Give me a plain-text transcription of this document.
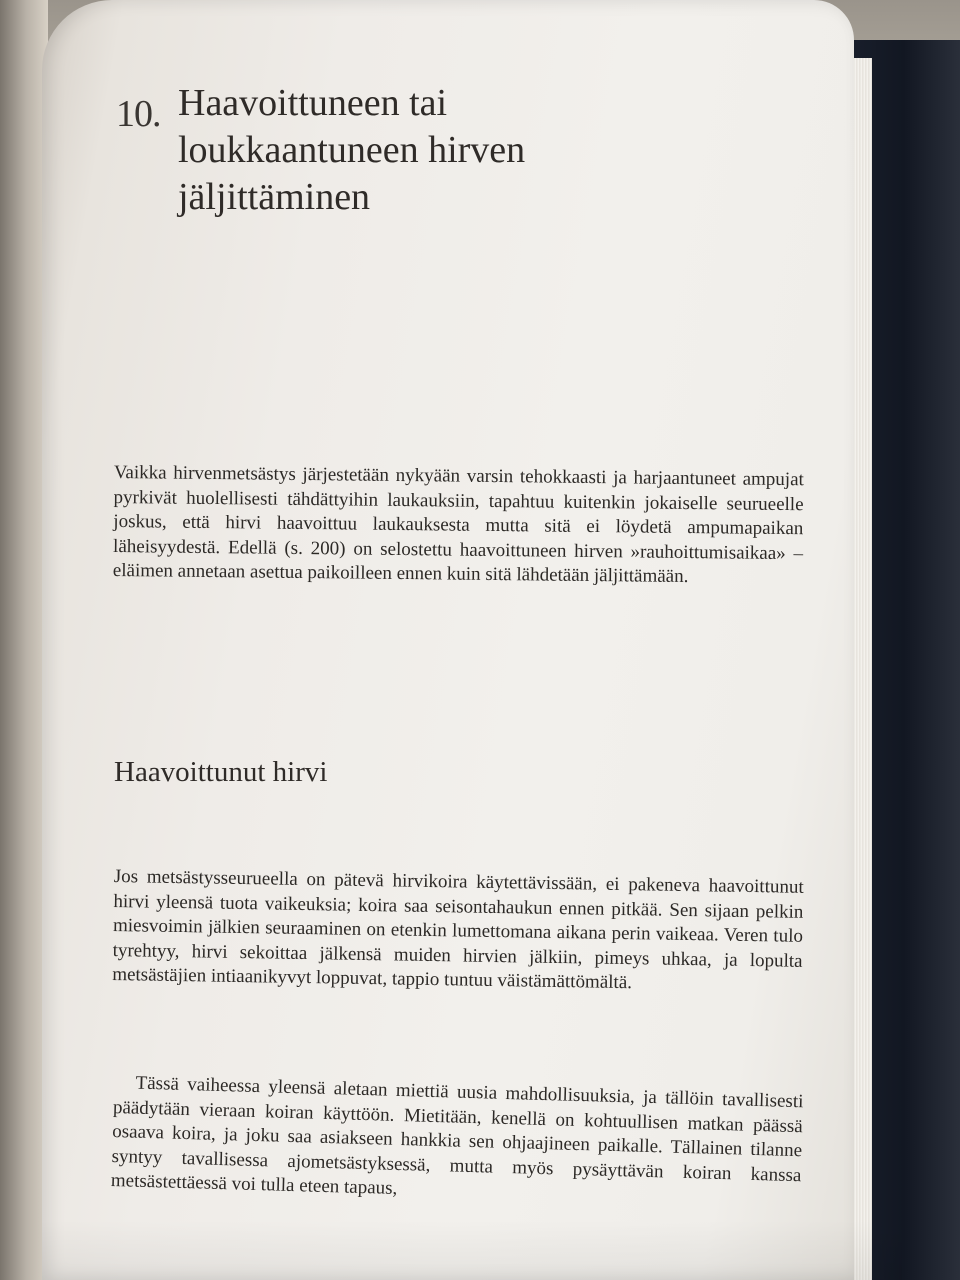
10. Haavoittuneen tai
loukkaantuneen hirven
jäljittäminen

Vaikka hirvenmetsästys järjestetään nykyään varsin tehokkaasti ja harjaantuneet ampujat pyrkivät huolellisesti tähdättyihin laukauksiin, tapahtuu kuitenkin jokaiselle seurueelle joskus, että hirvi haavoittuu laukauksesta mutta sitä ei löydetä ampumapaikan läheisyydestä. Edellä (s. 200) on selostettu haavoittuneen hirven »rauhoittumisaikaa» – eläimen annetaan asettua paikoilleen ennen kuin sitä lähdetään jäljittämään.

Haavoittunut hirvi

Jos metsästysseurueella on pätevä hirvikoira käytettävissään, ei pakeneva haavoittunut hirvi yleensä tuota vaikeuksia; koira saa seisontahaukun ennen pitkää. Sen sijaan pelkin miesvoimin jälkien seuraaminen on etenkin lumettomana aikana perin vaikeaa. Veren tulo tyrehtyy, hirvi sekoittaa jälkensä muiden hirvien jälkiin, pimeys uhkaa, ja lopulta metsästäjien intiaanikyvyt loppuvat, tappio tuntuu väistämättömältä.

Tässä vaiheessa yleensä aletaan miettiä uusia mahdollisuuksia, ja tällöin tavallisesti päädytään vieraan koiran käyttöön. Mietitään, kenellä on kohtuullisen matkan päässä osaava koira, ja joku saa asiakseen hankkia sen ohjaajineen paikalle. Tällainen tilanne syntyy tavallisessa ajometsästyksessä, mutta myös pysäyttävän koiran kanssa metsästettäessä voi tulla eteen tapaus,
